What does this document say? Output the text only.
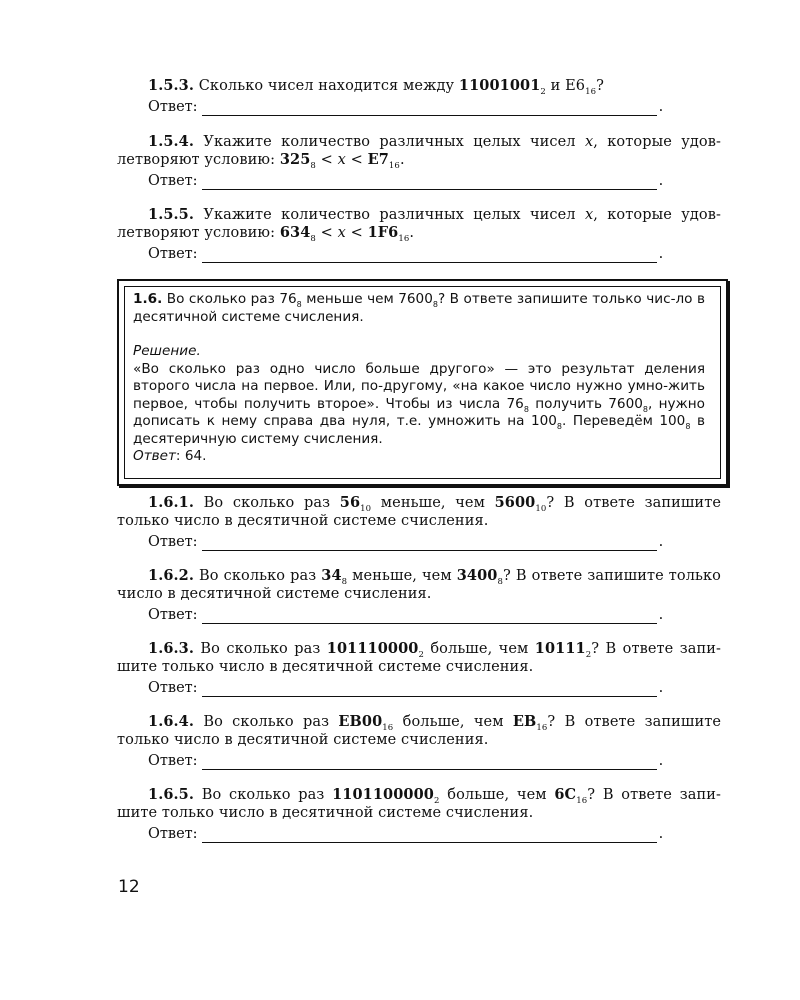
1.5.3. Сколько чисел находится между $11001001_2$ и $E6_{16}$?
Ответ:	.
1.5.4. Укажите количество различных целых чисел x, которые удов-летворяют условию: $325_8 < x < E7_{16}$.
Ответ:	.
1.5.5. Укажите количество различных целых чисел x, которые удов-летворяют условию: $634_8 < x < 1F6_{16}$.
Ответ:	.
1.6. Во сколько раз $76_8$ меньше чем $7600_8$? В ответе запишите только чис-ло в десятичной системе счисления.
Решение.
«Во сколько раз одно число больше другого» — это результат деления второго числа на первое. Или, по-другому, «на какое число нужно умно-жить первое, чтобы получить второе». Чтобы из числа $76_8$ получить $7600_8$, нужно дописать к нему справа два нуля, т.е. умножить на $100_8$. Переведём $100_8$ в десятеричную систему счисления.
Ответ: 64.
1.6.1. Во сколько раз $56_{10}$ меньше, чем $5600_{10}$? В ответе запишите только число в десятичной системе счисления.
Ответ:	.
1.6.2. Во сколько раз $34_8$ меньше, чем $3400_8$? В ответе запишите только число в десятичной системе счисления.
Ответ:	.
1.6.3. Во сколько раз $101110000_2$ больше, чем $10111_2$? В ответе запи-шите только число в десятичной системе счисления.
Ответ:	.
1.6.4. Во сколько раз $EB00_{16}$ больше, чем $EB_{16}$? В ответе запишите только число в десятичной системе счисления.
Ответ:	.
1.6.5. Во сколько раз $1101100000_2$ больше, чем $6C_{16}$? В ответе запи-шите только число в десятичной системе счисления.
Ответ:	.
12
